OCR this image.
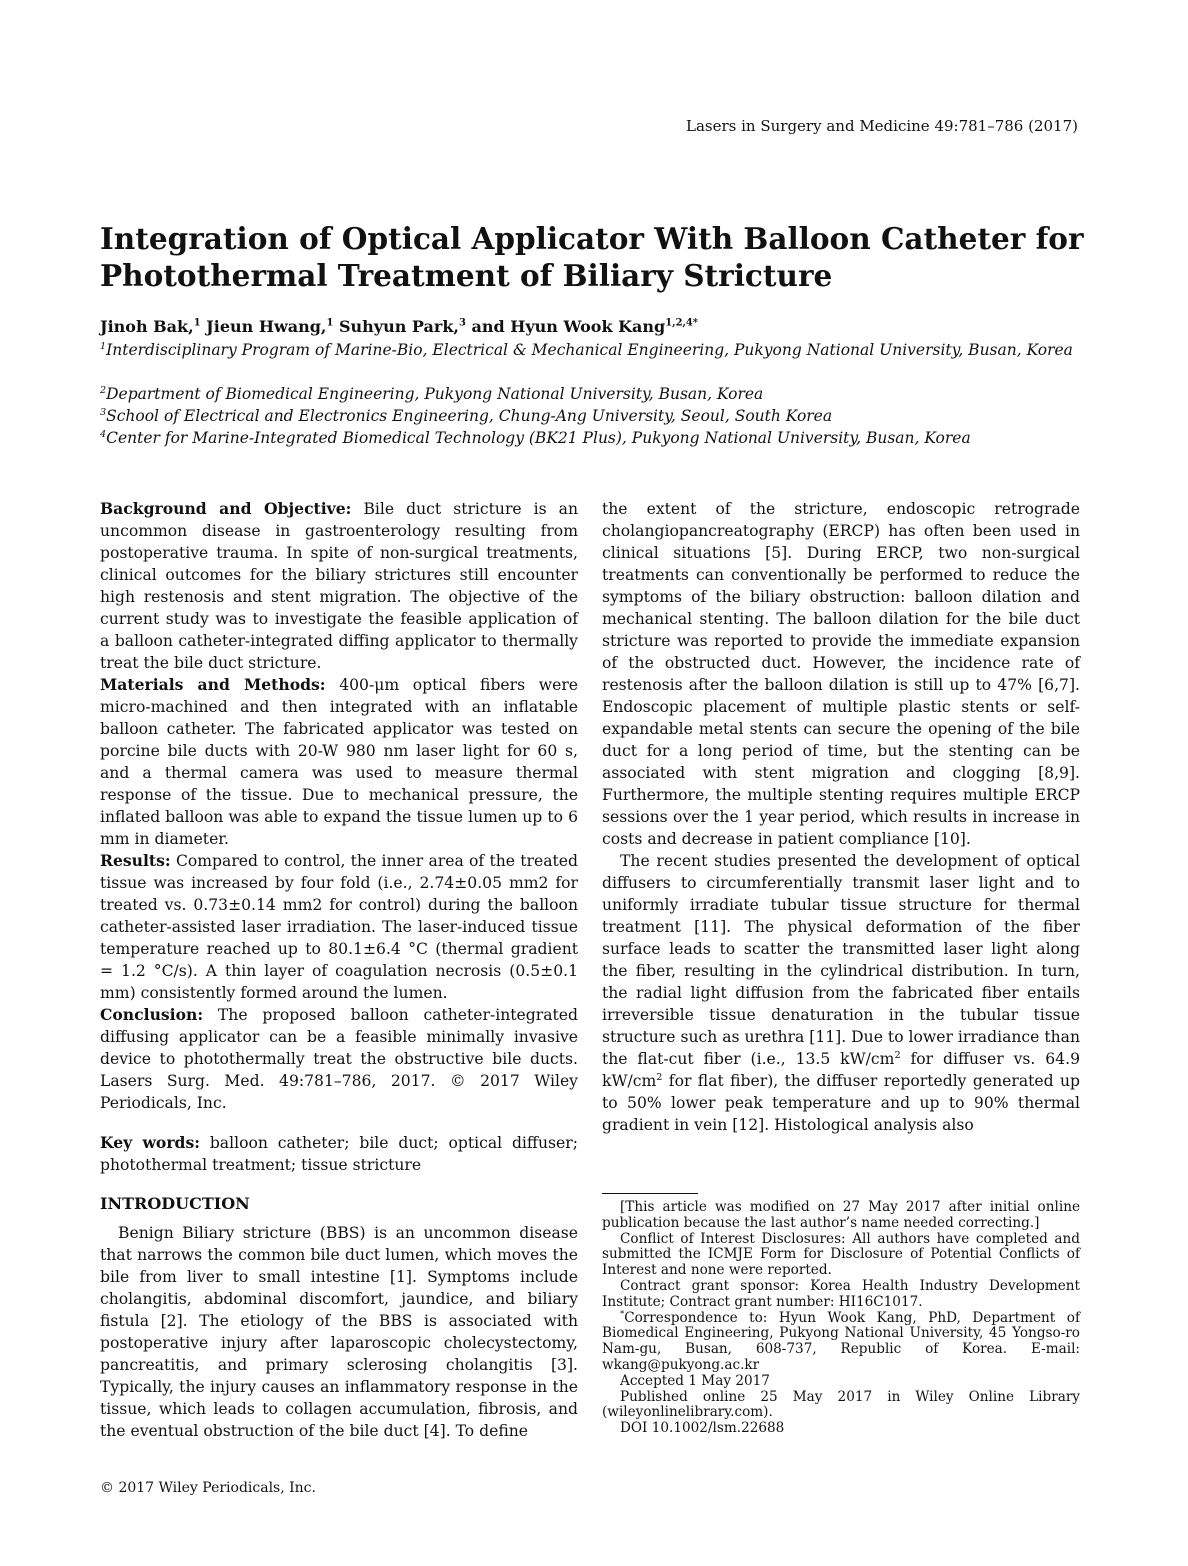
Lasers in Surgery and Medicine 49:781–786 (2017)
Integration of Optical Applicator With Balloon Catheter for Photothermal Treatment of Biliary Stricture
Jinoh Bak,$^1$ Jieun Hwang,$^1$ Suhyun Park,$^3$ and Hyun Wook Kang$^{1,2,4*}$
$^1$Interdisciplinary Program of Marine-Bio, Electrical & Mechanical Engineering, Pukyong National University, Busan, Korea
$^2$Department of Biomedical Engineering, Pukyong National University, Busan, Korea
$^3$School of Electrical and Electronics Engineering, Chung-Ang University, Seoul, South Korea
$^4$Center for Marine-Integrated Biomedical Technology (BK21 Plus), Pukyong National University, Busan, Korea

Background and Objective: Bile duct stricture is an uncommon disease in gastroenterology resulting from postoperative trauma. In spite of non-surgical treatments, clinical outcomes for the biliary strictures still encounter high restenosis and stent migration. The objective of the current study was to investigate the feasible application of a balloon catheter-integrated diffing applicator to thermally treat the bile duct stricture.

Materials and Methods: 400-μm optical fibers were micro-machined and then integrated with an inflatable balloon catheter. The fabricated applicator was tested on porcine bile ducts with 20-W 980 nm laser light for 60 s, and a thermal camera was used to measure thermal response of the tissue. Due to mechanical pressure, the inflated balloon was able to expand the tissue lumen up to 6 mm in diameter.

Results: Compared to control, the inner area of the treated tissue was increased by four fold (i.e., 2.74±0.05 mm2 for treated vs. 0.73±0.14 mm2 for control) during the balloon catheter-assisted laser irradiation. The laser-induced tissue temperature reached up to 80.1±6.4 °C (thermal gradient = 1.2 °C/s). A thin layer of coagulation necrosis (0.5±0.1 mm) consistently formed around the lumen.

Conclusion: The proposed balloon catheter-integrated diffusing applicator can be a feasible minimally invasive device to photothermally treat the obstructive bile ducts. Lasers Surg. Med. 49:781–786, 2017. © 2017 Wiley Periodicals, Inc.

Key words: balloon catheter; bile duct; optical diffuser; photothermal treatment; tissue stricture

INTRODUCTION

Benign Biliary stricture (BBS) is an uncommon disease that narrows the common bile duct lumen, which moves the bile from liver to small intestine [1]. Symptoms include cholangitis, abdominal discomfort, jaundice, and biliary fistula [2]. The etiology of the BBS is associated with postoperative injury after laparoscopic cholecystectomy, pancreatitis, and primary sclerosing cholangitis [3]. Typically, the injury causes an inflammatory response in the tissue, which leads to collagen accumulation, fibrosis, and the eventual obstruction of the bile duct [4]. To define

the extent of the stricture, endoscopic retrograde cholangiopancreatography (ERCP) has often been used in clinical situations [5]. During ERCP, two non-surgical treatments can conventionally be performed to reduce the symptoms of the biliary obstruction: balloon dilation and mechanical stenting. The balloon dilation for the bile duct stricture was reported to provide the immediate expansion of the obstructed duct. However, the incidence rate of restenosis after the balloon dilation is still up to 47% [6,7]. Endoscopic placement of multiple plastic stents or self-expandable metal stents can secure the opening of the bile duct for a long period of time, but the stenting can be associated with stent migration and clogging [8,9]. Furthermore, the multiple stenting requires multiple ERCP sessions over the 1 year period, which results in increase in costs and decrease in patient compliance [10].

The recent studies presented the development of optical diffusers to circumferentially transmit laser light and to uniformly irradiate tubular tissue structure for thermal treatment [11]. The physical deformation of the fiber surface leads to scatter the transmitted laser light along the fiber, resulting in the cylindrical distribution. In turn, the radial light diffusion from the fabricated fiber entails irreversible tissue denaturation in the tubular tissue structure such as urethra [11]. Due to lower irradiance than the flat-cut fiber (i.e., 13.5 $kW/cm^2$ for diffuser vs. 64.9 $kW/cm^2$ for flat fiber), the diffuser reportedly generated up to 50% lower peak temperature and up to 90% thermal gradient in vein [12]. Histological analysis also

[This article was modified on 27 May 2017 after initial online publication because the last author’s name needed correcting.]

Conflict of Interest Disclosures: All authors have completed and submitted the ICMJE Form for Disclosure of Potential Conflicts of Interest and none were reported.

Contract grant sponsor: Korea Health Industry Development Institute; Contract grant number: HI16C1017.

*Correspondence to: Hyun Wook Kang, PhD, Department of Biomedical Engineering, Pukyong National University, 45 Yongso-ro Nam-gu, Busan, 608-737, Republic of Korea. E-mail: wkang@pukyong.ac.kr

Accepted 1 May 2017

Published online 25 May 2017 in Wiley Online Library (wileyonlinelibrary.com).

DOI 10.1002/lsm.22688

© 2017 Wiley Periodicals, Inc.
